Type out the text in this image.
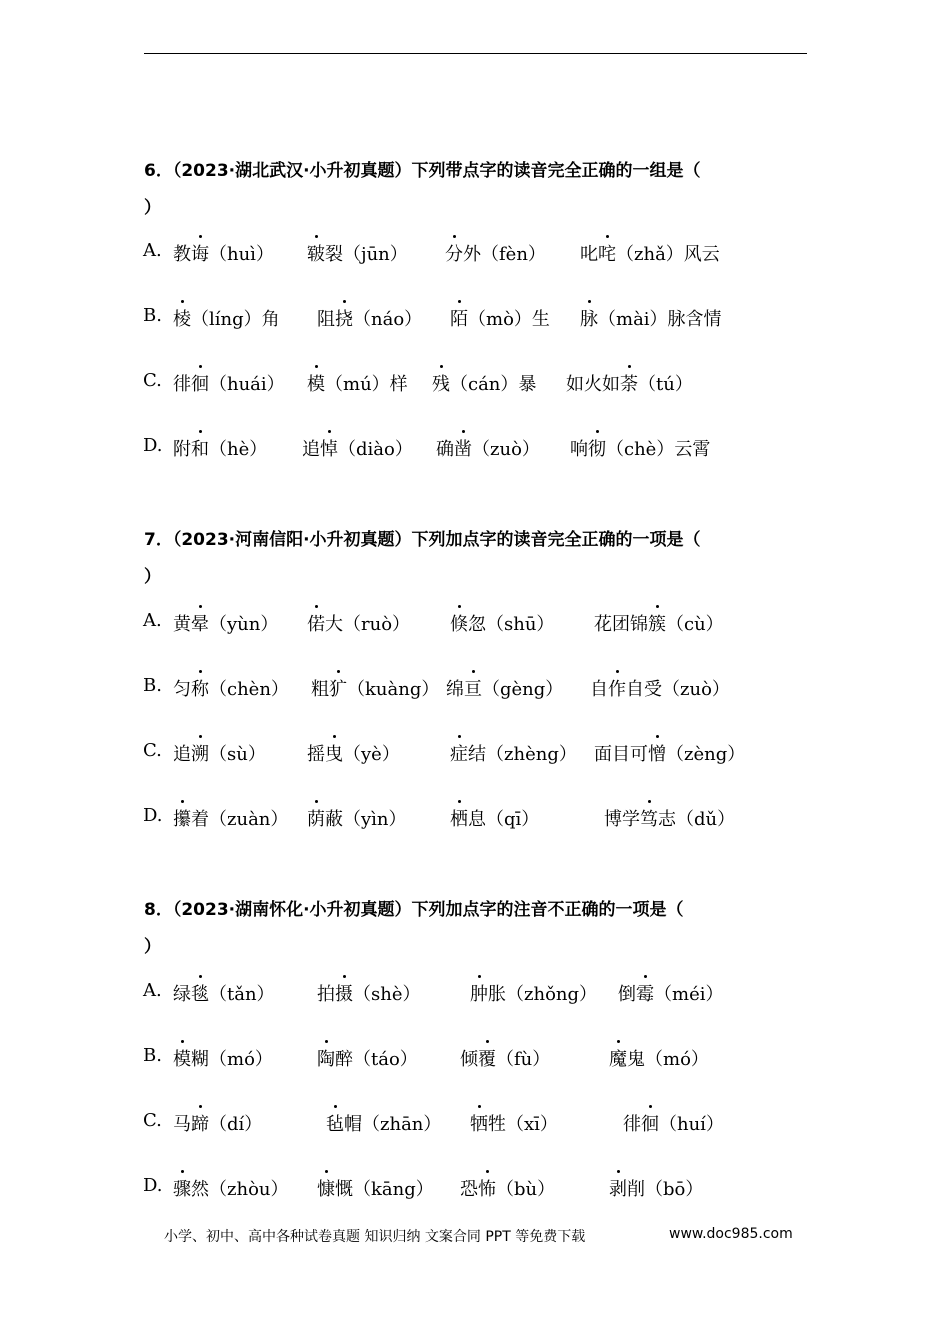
6．（2023·湖北武汉·小升初真题）下列带点字的读音完全正确的一组是（
）
A. 教诲（huì） 皲裂（jūn） 分外（fèn） 叱咤（zhǎ）风云
B. 棱（líng）角 阻挠（náo） 陌（mò）生 脉（mài）脉含情
C. 徘徊（huái） 模（mú）样 残（cán）暴 如火如荼（tú）
D. 附和（hè） 追悼（diào） 确凿（zuò） 响彻（chè）云霄
7．（2023·河南信阳·小升初真题）下列加点字的读音完全正确的一项是（
）
A. 黄晕（yùn） 偌大（ruò） 倏忽（shū） 花团锦簇（cù）
B. 匀称（chèn） 粗犷（kuàng） 绵亘（gèng） 自作自受（zuò）
C. 追溯（sù） 摇曳（yè）	症结（zhèng） 面目可憎（zèng）
D. 攥着（zuàn） 荫蔽（yìn） 栖息（qī）	博学笃志（dǔ）
8．（2023·湖南怀化·小升初真题）下列加点字的注音不正确的一项是（
）
A. 绿毯（tǎn） 拍摄（shè）	肿胀（zhǒng） 倒霉（méi）
B. 模糊（mó） 陶醉（táo） 倾覆（fù）	魔鬼（mó）
C. 马蹄（dí）	毡帽（zhān） 牺牲（xī）	徘徊（huí）
D. 骤然（zhòu） 慷慨（kāng） 恐怖（bù）	剥削（bō）
小学、初中、高中各种试卷真题 知识归纳 文案合同 PPT 等免费下载	www.doc985.com
